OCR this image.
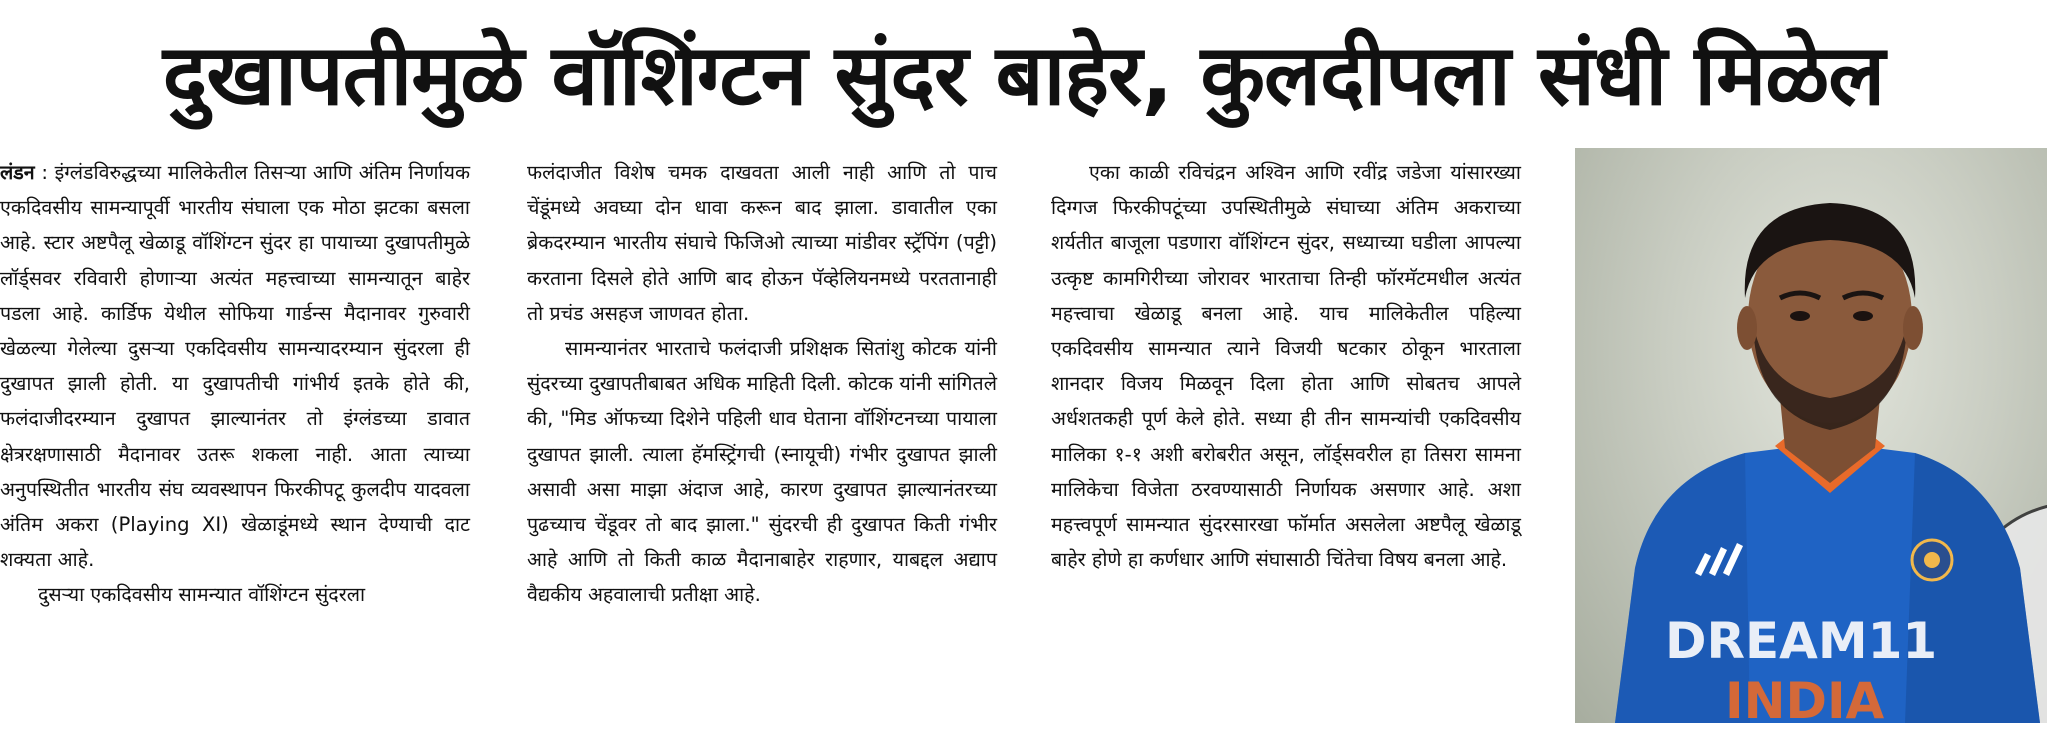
दुखापतीमुळे वॉशिंग्टन सुंदर बाहेर, कुलदीपला संधी मिळेल

लंडन : इंग्लंडविरुद्धच्या मालिकेतील तिसऱ्या आणि अंतिम निर्णायक एकदिवसीय सामन्यापूर्वी भारतीय संघाला एक मोठा झटका बसला आहे. स्टार अष्टपैलू खेळाडू वॉशिंग्टन सुंदर हा पायाच्या दुखापतीमुळे लॉर्ड्सवर रविवारी होणाऱ्या अत्यंत महत्त्वाच्या सामन्यातून बाहेर पडला आहे. कार्डिफ येथील सोफिया गार्डन्स मैदानावर गुरुवारी खेळल्या गेलेल्या दुसऱ्या एकदिवसीय सामन्यादरम्यान सुंदरला ही दुखापत झाली होती. या दुखापतीची गांभीर्य इतके होते की, फलंदाजीदरम्यान दुखापत झाल्यानंतर तो इंग्लंडच्या डावात क्षेत्ररक्षणासाठी मैदानावर उतरू शकला नाही. आता त्याच्या अनुपस्थितीत भारतीय संघ व्यवस्थापन फिरकीपटू कुलदीप यादवला अंतिम अकरा (Playing XI) खेळाडूंमध्ये स्थान देण्याची दाट शक्यता आहे.

दुसऱ्या एकदिवसीय सामन्यात वॉशिंग्टन सुंदरला

फलंदाजीत विशेष चमक दाखवता आली नाही आणि तो पाच चेंडूंमध्ये अवघ्या दोन धावा करून बाद झाला. डावातील एका ब्रेकदरम्यान भारतीय संघाचे फिजिओ त्याच्या मांडीवर स्ट्रॅपिंग (पट्टी) करताना दिसले होते आणि बाद होऊन पॅव्हेलियनमध्ये परततानाही तो प्रचंड असहज जाणवत होता.

सामन्यानंतर भारताचे फलंदाजी प्रशिक्षक सितांशु कोटक यांनी सुंदरच्या दुखापतीबाबत अधिक माहिती दिली. कोटक यांनी सांगितले की, "मिड ऑफच्या दिशेने पहिली धाव घेताना वॉशिंग्टनच्या पायाला दुखापत झाली. त्याला हॅमस्ट्रिंगची (स्नायूची) गंभीर दुखापत झाली असावी असा माझा अंदाज आहे, कारण दुखापत झाल्यानंतरच्या पुढच्याच चेंडूवर तो बाद झाला." सुंदरची ही दुखापत किती गंभीर आहे आणि तो किती काळ मैदानाबाहेर राहणार, याबद्दल अद्याप वैद्यकीय अहवालाची प्रतीक्षा आहे.

एका काळी रविचंद्रन अश्विन आणि रवींद्र जडेजा यांसारख्या दिग्गज फिरकीपटूंच्या उपस्थितीमुळे संघाच्या अंतिम अकराच्या शर्यतीत बाजूला पडणारा वॉशिंग्टन सुंदर, सध्याच्या घडीला आपल्या उत्कृष्ट कामगिरीच्या जोरावर भारताचा तिन्ही फॉरमॅटमधील अत्यंत महत्त्वाचा खेळाडू बनला आहे. याच मालिकेतील पहिल्या एकदिवसीय सामन्यात त्याने विजयी षटकार ठोकून भारताला शानदार विजय मिळवून दिला होता आणि सोबतच आपले अर्धशतकही पूर्ण केले होते. सध्या ही तीन सामन्यांची एकदिवसीय मालिका १-१ अशी बरोबरीत असून, लॉर्ड्सवरील हा तिसरा सामना मालिकेचा विजेता ठरवण्यासाठी निर्णायक असणार आहे. अशा महत्त्वपूर्ण सामन्यात सुंदरसारखा फॉर्मात असलेला अष्टपैलू खेळाडू बाहेर होणे हा कर्णधार आणि संघासाठी चिंतेचा विषय बनला आहे.

DREAM11
INDIA
